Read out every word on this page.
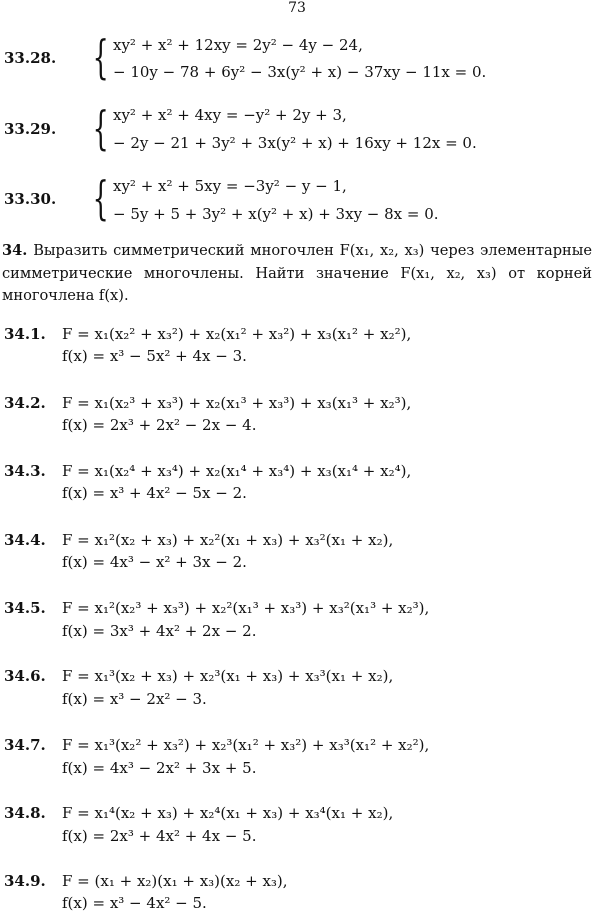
73
33.28. { xy² + x² + 12xy = 2y² − 4y − 24,
− 10y − 78 + 6y² − 3x(y² + x) − 37xy − 11x = 0.
33.29. { xy² + x² + 4xy = −y² + 2y + 3,
− 2y − 21 + 3y² + 3x(y² + x) + 16xy + 12x = 0.
33.30. { xy² + x² + 5xy = −3y² − y − 1,
− 5y + 5 + 3y² + x(y² + x) + 3xy − 8x = 0.
34. Выразить симметрический многочлен F(x₁, x₂, x₃) через элементарные симметрические многочлены. Найти значение F(x₁, x₂, x₃) от корней многочлена f(x).
34.1. F = x₁(x₂² + x₃²) + x₂(x₁² + x₃²) + x₃(x₁² + x₂²),
f(x) = x³ − 5x² + 4x − 3.
34.2. F = x₁(x₂³ + x₃³) + x₂(x₁³ + x₃³) + x₃(x₁³ + x₂³),
f(x) = 2x³ + 2x² − 2x − 4.
34.3. F = x₁(x₂⁴ + x₃⁴) + x₂(x₁⁴ + x₃⁴) + x₃(x₁⁴ + x₂⁴),
f(x) = x³ + 4x² − 5x − 2.
34.4. F = x₁²(x₂ + x₃) + x₂²(x₁ + x₃) + x₃²(x₁ + x₂),
f(x) = 4x³ − x² + 3x − 2.
34.5. F = x₁²(x₂³ + x₃³) + x₂²(x₁³ + x₃³) + x₃²(x₁³ + x₂³),
f(x) = 3x³ + 4x² + 2x − 2.
34.6. F = x₁³(x₂ + x₃) + x₂³(x₁ + x₃) + x₃³(x₁ + x₂),
f(x) = x³ − 2x² − 3.
34.7. F = x₁³(x₂² + x₃²) + x₂³(x₁² + x₃²) + x₃³(x₁² + x₂²),
f(x) = 4x³ − 2x² + 3x + 5.
34.8. F = x₁⁴(x₂ + x₃) + x₂⁴(x₁ + x₃) + x₃⁴(x₁ + x₂),
f(x) = 2x³ + 4x² + 4x − 5.
34.9. F = (x₁ + x₂)(x₁ + x₃)(x₂ + x₃),
f(x) = x³ − 4x² − 5.
